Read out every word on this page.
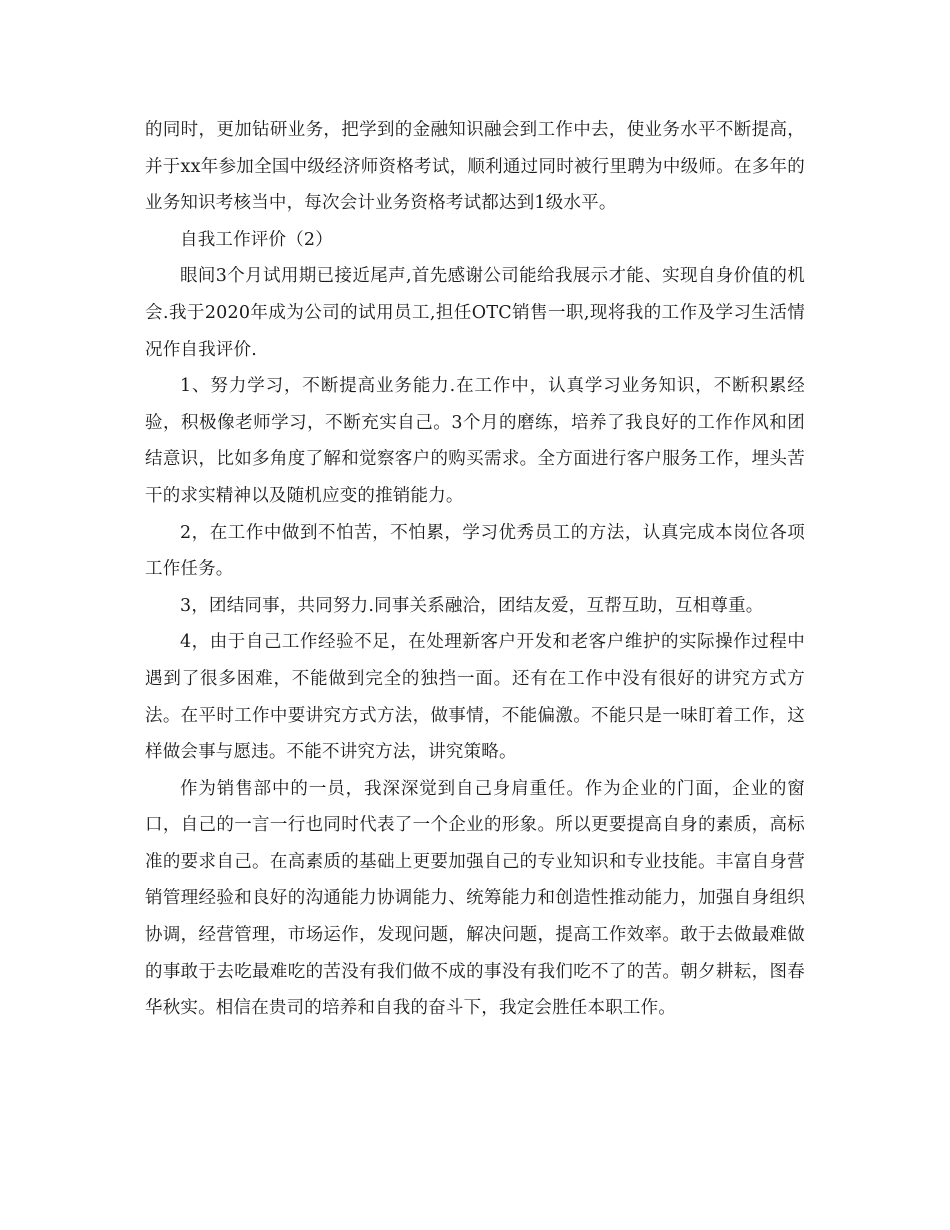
的同时，更加钻研业务，把学到的金融知识融会到工作中去，使业务水平不断提高，并于xx年参加全国中级经济师资格考试，顺利通过同时被行里聘为中级师。在多年的业务知识考核当中，每次会计业务资格考试都达到1级水平。

自我工作评价（2）

眼间3个月试用期已接近尾声,首先感谢公司能给我展示才能、实现自身价值的机会.我于2020年成为公司的试用员工,担任OTC销售一职,现将我的工作及学习生活情况作自我评价.

1、努力学习，不断提高业务能力.在工作中，认真学习业务知识，不断积累经验，积极像老师学习，不断充实自己。3个月的磨练，培养了我良好的工作作风和团结意识，比如多角度了解和觉察客户的购买需求。全方面进行客户服务工作，埋头苦干的求实精神以及随机应变的推销能力。

2，在工作中做到不怕苦，不怕累，学习优秀员工的方法，认真完成本岗位各项工作任务。

3，团结同事，共同努力.同事关系融洽，团结友爱，互帮互助，互相尊重。

4，由于自己工作经验不足，在处理新客户开发和老客户维护的实际操作过程中遇到了很多困难，不能做到完全的独挡一面。还有在工作中没有很好的讲究方式方法。在平时工作中要讲究方式方法，做事情，不能偏激。不能只是一味盯着工作，这样做会事与愿违。不能不讲究方法，讲究策略。

作为销售部中的一员，我深深觉到自己身肩重任。作为企业的门面，企业的窗口，自己的一言一行也同时代表了一个企业的形象。所以更要提高自身的素质，高标准的要求自己。在高素质的基础上更要加强自己的专业知识和专业技能。丰富自身营销管理经验和良好的沟通能力协调能力、统筹能力和创造性推动能力，加强自身组织协调，经营管理，市场运作，发现问题，解决问题，提高工作效率。敢于去做最难做的事敢于去吃最难吃的苦没有我们做不成的事没有我们吃不了的苦。朝夕耕耘，图春华秋实。相信在贵司的培养和自我的奋斗下，我定会胜任本职工作。
